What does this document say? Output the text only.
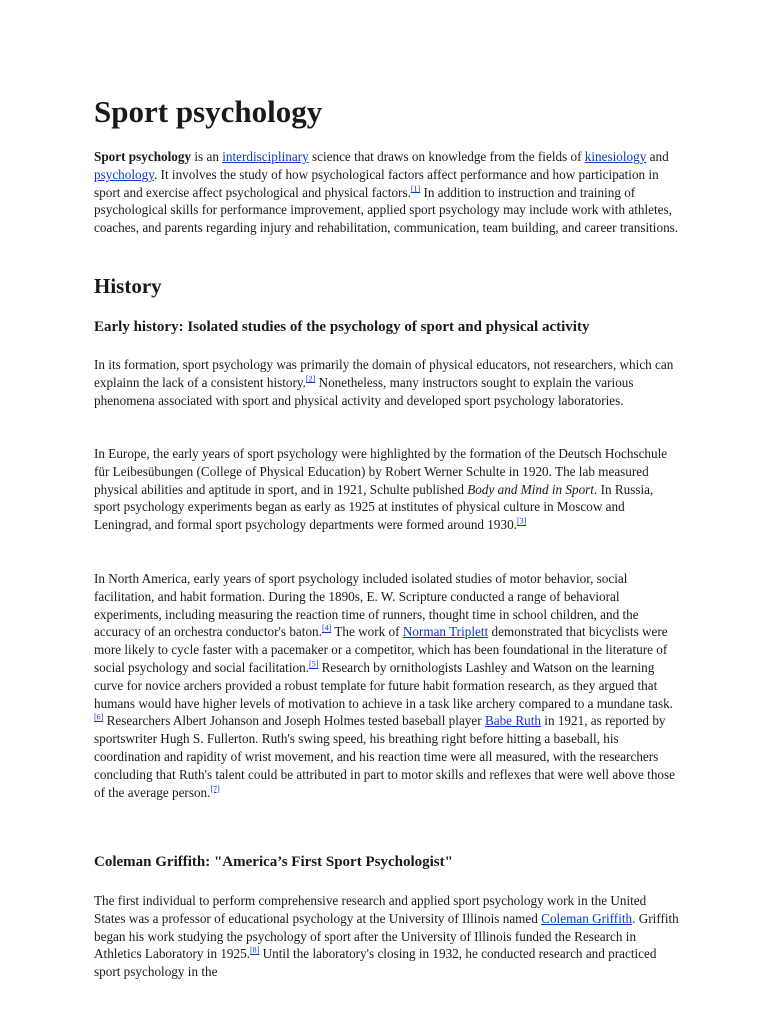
Sport psychology

Sport psychology is an interdisciplinary science that draws on knowledge from the fields of kinesiology and psychology. It involves the study of how psychological factors affect performance and how participation in sport and exercise affect psychological and physical factors.[1] In addition to instruction and training of psychological skills for performance improvement, applied sport psychology may include work with athletes, coaches, and parents regarding injury and rehabilitation, communication, team building, and career transitions.

History
Early history: Isolated studies of the psychology of sport and physical activity

In its formation, sport psychology was primarily the domain of physical educators, not researchers, which can explainn the lack of a consistent history.[2] Nonetheless, many instructors sought to explain the various phenomena associated with sport and physical activity and developed sport psychology laboratories.

In Europe, the early years of sport psychology were highlighted by the formation of the Deutsch Hochschule für Leibesübungen (College of Physical Education) by Robert Werner Schulte in 1920. The lab measured physical abilities and aptitude in sport, and in 1921, Schulte published Body and Mind in Sport. In Russia, sport psychology experiments began as early as 1925 at institutes of physical culture in Moscow and Leningrad, and formal sport psychology departments were formed around 1930.[3]

In North America, early years of sport psychology included isolated studies of motor behavior, social facilitation, and habit formation. During the 1890s, E. W. Scripture conducted a range of behavioral experiments, including measuring the reaction time of runners, thought time in school children, and the accuracy of an orchestra conductor's baton.[4] The work of Norman Triplett demonstrated that bicyclists were more likely to cycle faster with a pacemaker or a competitor, which has been foundational in the literature of social psychology and social facilitation.[5] Research by ornithologists Lashley and Watson on the learning curve for novice archers provided a robust template for future habit formation research, as they argued that humans would have higher levels of motivation to achieve in a task like archery compared to a mundane task.[6] Researchers Albert Johanson and Joseph Holmes tested baseball player Babe Ruth in 1921, as reported by sportswriter Hugh S. Fullerton. Ruth's swing speed, his breathing right before hitting a baseball, his coordination and rapidity of wrist movement, and his reaction time were all measured, with the researchers concluding that Ruth's talent could be attributed in part to motor skills and reflexes that were well above those of the average person.[7]

Coleman Griffith: "America’s First Sport Psychologist"

The first individual to perform comprehensive research and applied sport psychology work in the United States was a professor of educational psychology at the University of Illinois named Coleman Griffith. Griffith began his work studying the psychology of sport after the University of Illinois funded the Research in Athletics Laboratory in 1925.[8] Until the laboratory's closing in 1932, he conducted research and practiced sport psychology in the
